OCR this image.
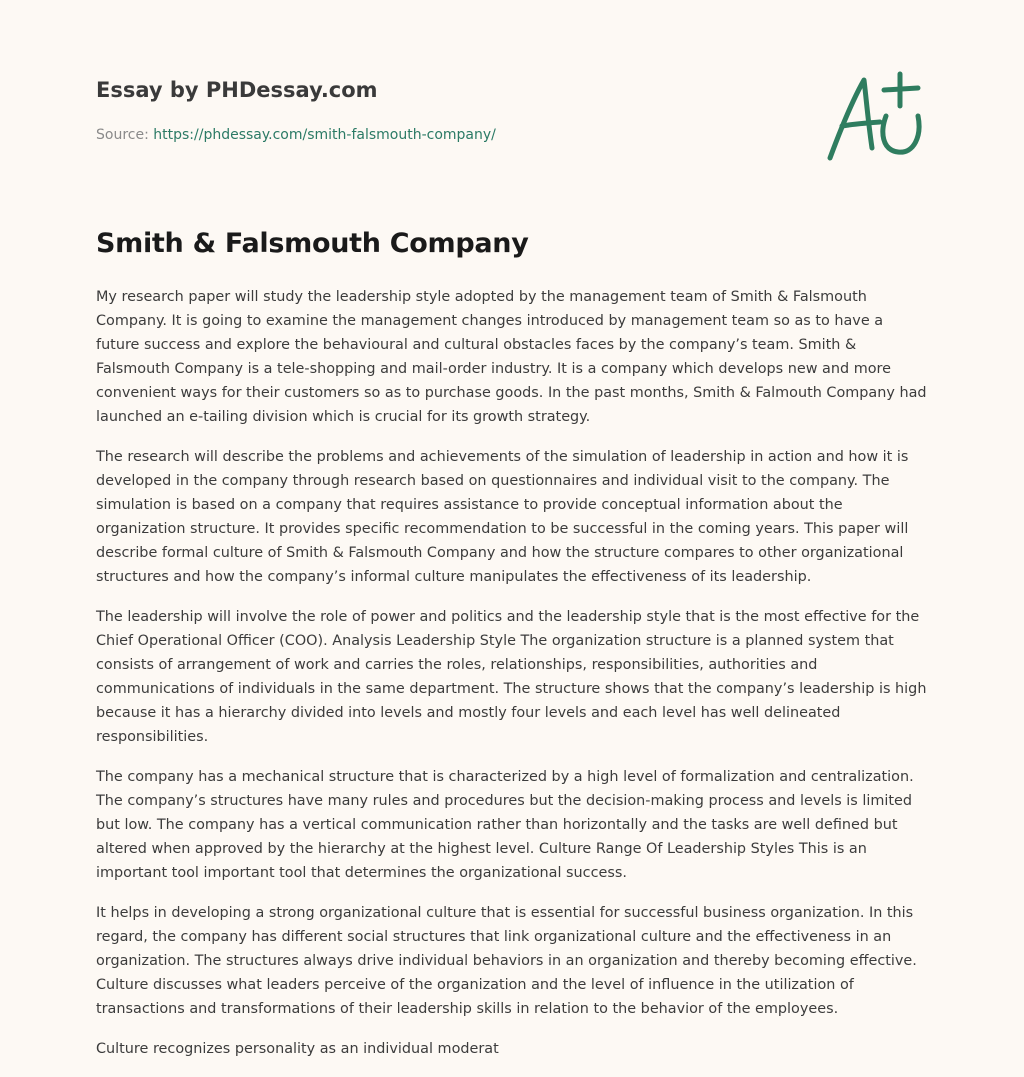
Essay by PHDessay.com
Source: https://phdessay.com/smith-falsmouth-company/
Smith & Falsmouth Company

My research paper will study the leadership style adopted by the management team of Smith & Falsmouth Company. It is going to examine the management changes introduced by management team so as to have a future success and explore the behavioural and cultural obstacles faces by the company’s team. Smith & Falsmouth Company is a tele-shopping and mail-order industry. It is a company which develops new and more convenient ways for their customers so as to purchase goods. In the past months, Smith & Falmouth Company had launched an e-tailing division which is crucial for its growth strategy.

The research will describe the problems and achievements of the simulation of leadership in action and how it is developed in the company through research based on questionnaires and individual visit to the company. The simulation is based on a company that requires assistance to provide conceptual information about the organization structure. It provides specific recommendation to be successful in the coming years. This paper will describe formal culture of Smith & Falsmouth Company and how the structure compares to other organizational structures and how the company’s informal culture manipulates the effectiveness of its leadership.

The leadership will involve the role of power and politics and the leadership style that is the most effective for the Chief Operational Officer (COO). Analysis Leadership Style The organization structure is a planned system that consists of arrangement of work and carries the roles, relationships, responsibilities, authorities and communications of individuals in the same department. The structure shows that the company’s leadership is high because it has a hierarchy divided into levels and mostly four levels and each level has well delineated responsibilities.

The company has a mechanical structure that is characterized by a high level of formalization and centralization. The company’s structures have many rules and procedures but the decision-making process and levels is limited but low. The company has a vertical communication rather than horizontally and the tasks are well defined but altered when approved by the hierarchy at the highest level. Culture Range Of Leadership Styles This is an important tool important tool that determines the organizational success.

It helps in developing a strong organizational culture that is essential for successful business organization. In this regard, the company has different social structures that link organizational culture and the effectiveness in an organization. The structures always drive individual behaviors in an organization and thereby becoming effective. Culture discusses what leaders perceive of the organization and the level of influence in the utilization of transactions and transformations of their leadership skills in relation to the behavior of the employees.

Culture recognizes personality as an individual moderat
